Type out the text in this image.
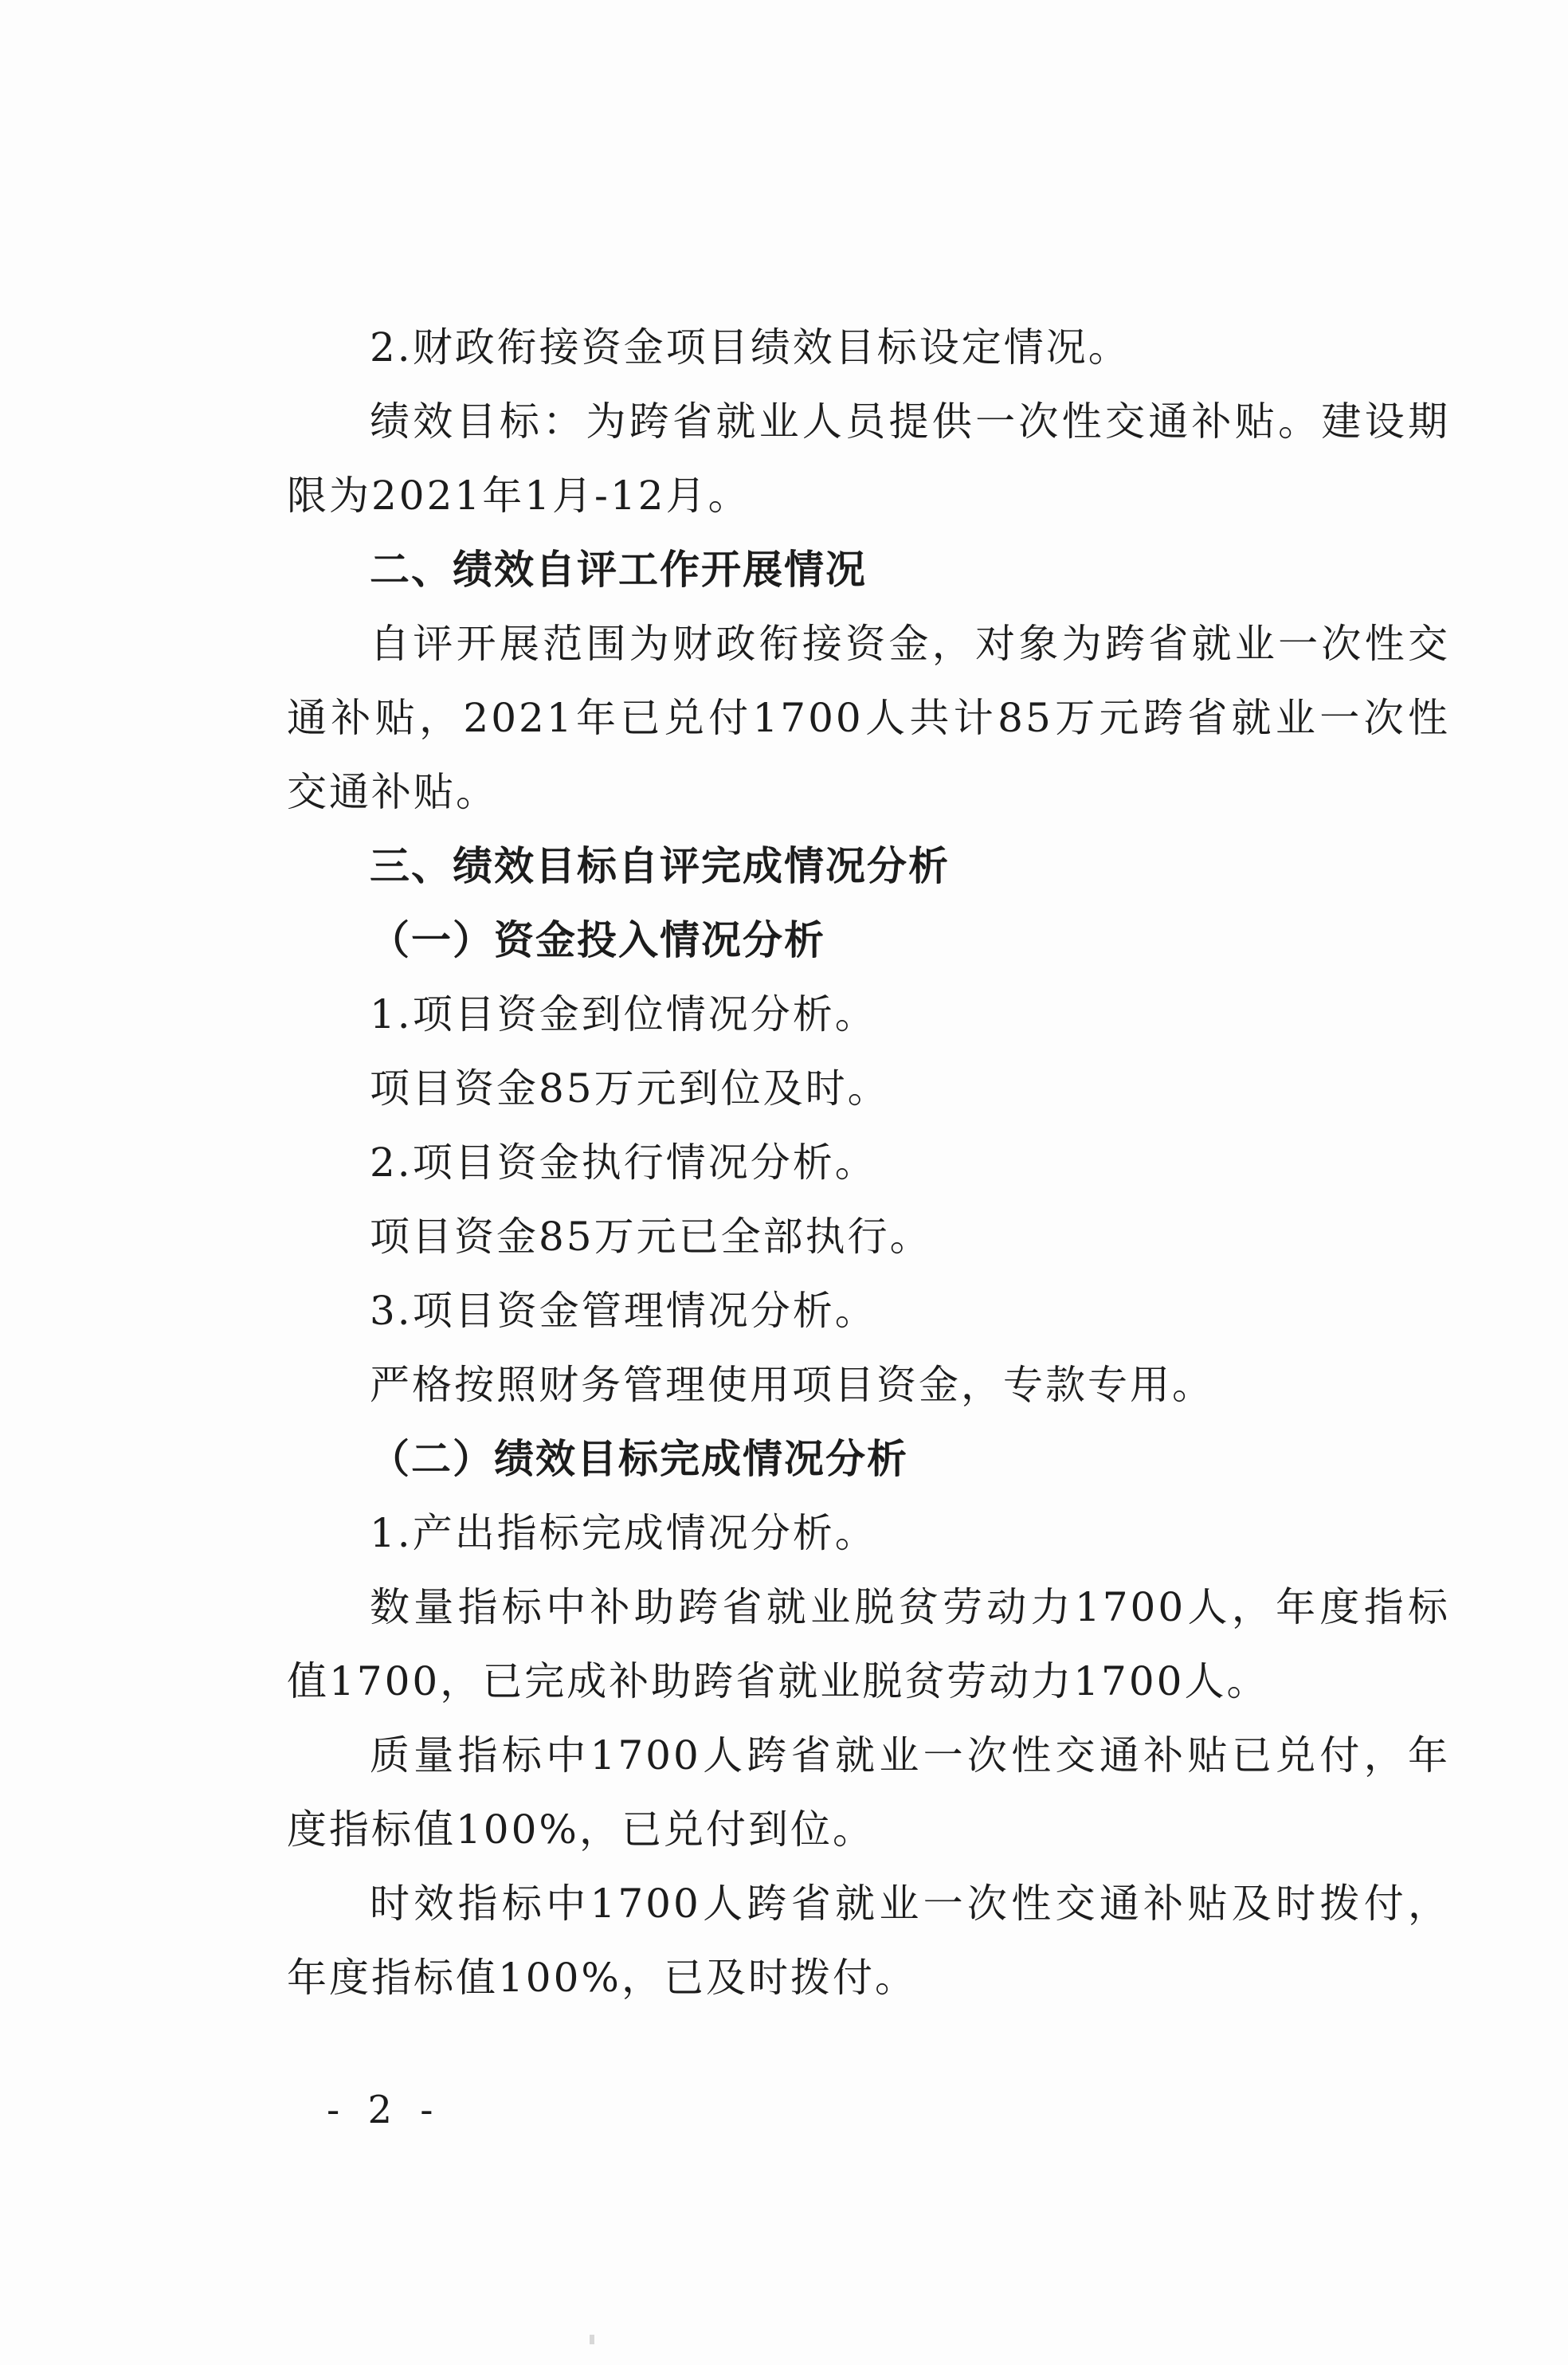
2.财政衔接资金项目绩效目标设定情况。

绩效目标：为跨省就业人员提供一次性交通补贴。建设期限为2021年1月-12月。

二、绩效自评工作开展情况

自评开展范围为财政衔接资金，对象为跨省就业一次性交通补贴，2021年已兑付1700人共计85万元跨省就业一次性交通补贴。

三、绩效目标自评完成情况分析

（一）资金投入情况分析

1.项目资金到位情况分析。

项目资金85万元到位及时。

2.项目资金执行情况分析。

项目资金85万元已全部执行。

3.项目资金管理情况分析。

严格按照财务管理使用项目资金，专款专用。

（二）绩效目标完成情况分析

1.产出指标完成情况分析。

数量指标中补助跨省就业脱贫劳动力1700人，年度指标值1700，已完成补助跨省就业脱贫劳动力1700人。

质量指标中1700人跨省就业一次性交通补贴已兑付，年度指标值100%，已兑付到位。

时效指标中1700人跨省就业一次性交通补贴及时拨付，年度指标值100%，已及时拨付。

- 2 -
